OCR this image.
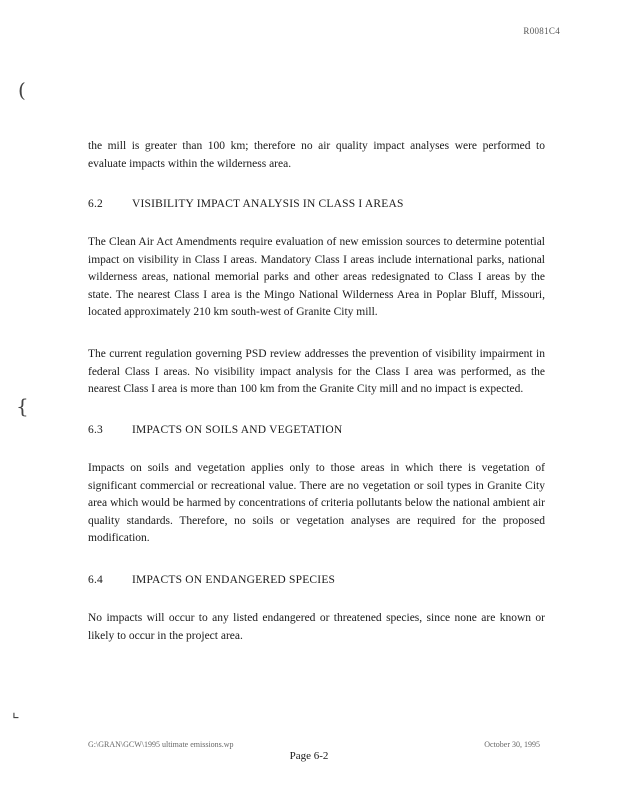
R0081C4
(
{
⌞

the mill is greater than 100 km; therefore no air quality impact analyses were performed to evaluate impacts within the wilderness area.

6.2	VISIBILITY IMPACT ANALYSIS IN CLASS I AREAS

The Clean Air Act Amendments require evaluation of new emission sources to determine potential impact on visibility in Class I areas. Mandatory Class I areas include international parks, national wilderness areas, national memorial parks and other areas redesignated to Class I areas by the state. The nearest Class I area is the Mingo National Wilderness Area in Poplar Bluff, Missouri, located approximately 210 km south-west of Granite City mill.

The current regulation governing PSD review addresses the prevention of visibility impairment in federal Class I areas. No visibility impact analysis for the Class I area was performed, as the nearest Class I area is more than 100 km from the Granite City mill and no impact is expected.

6.3	IMPACTS ON SOILS AND VEGETATION

Impacts on soils and vegetation applies only to those areas in which there is vegetation of significant commercial or recreational value. There are no vegetation or soil types in Granite City area which would be harmed by concentrations of criteria pollutants below the national ambient air quality standards. Therefore, no soils or vegetation analyses are required for the proposed modification.

6.4	IMPACTS ON ENDANGERED SPECIES

No impacts will occur to any listed endangered or threatened species, since none are known or likely to occur in the project area.

G:\GRAN\GCW\1995 ultimate emissions.wp	October 30, 1995
Page 6-2
